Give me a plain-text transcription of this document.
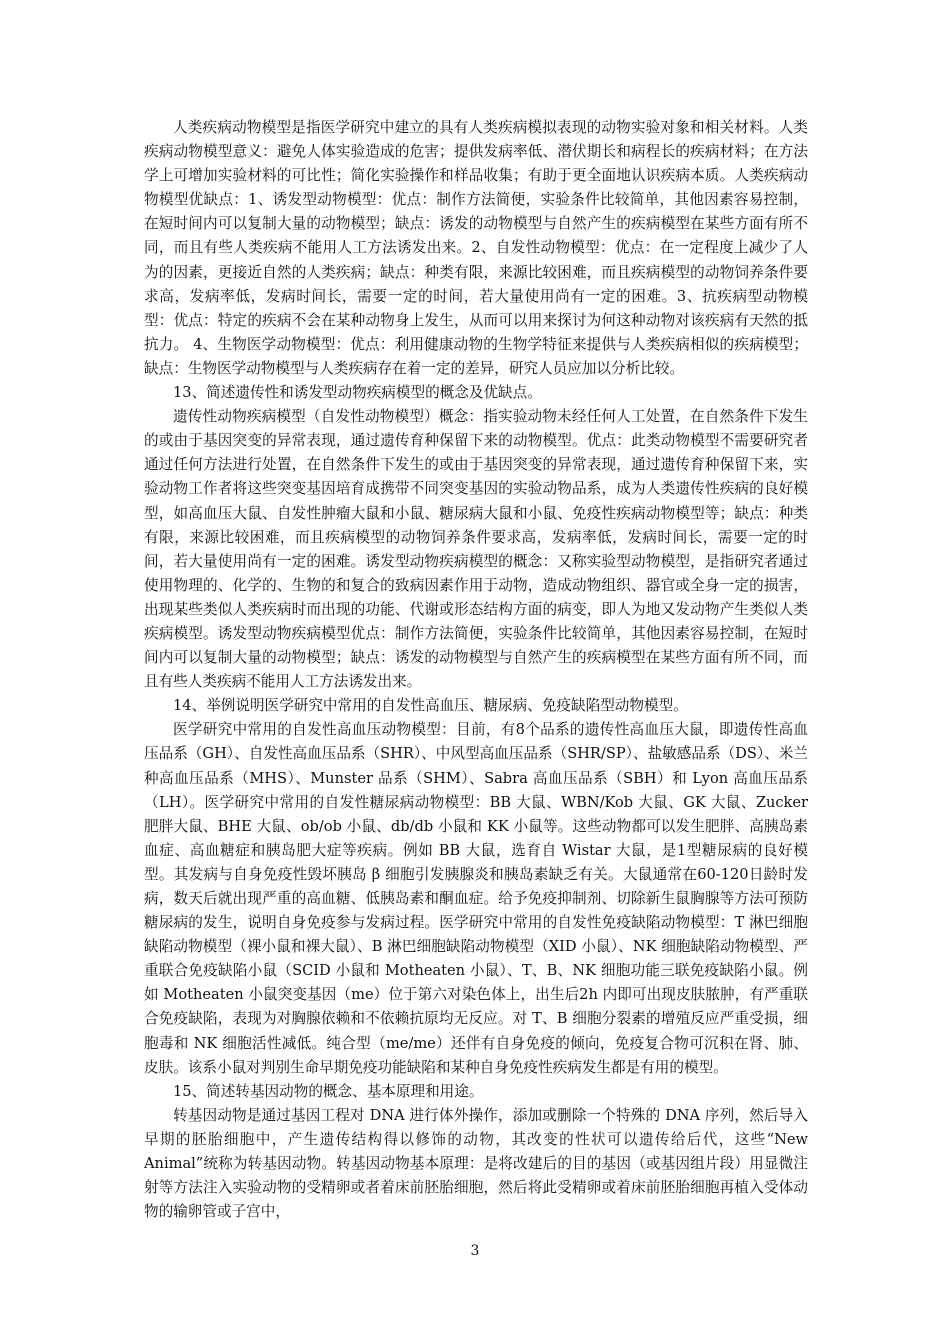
人类疾病动物模型是指医学研究中建立的具有人类疾病模拟表现的动物实验对象和相关材料。人类疾病动物模型意义：避免人体实验造成的危害；提供发病率低、潜伏期长和病程长的疾病材料；在方法学上可增加实验材料的可比性；简化实验操作和样品收集；有助于更全面地认识疾病本质。人类疾病动物模型优缺点：1、诱发型动物模型：优点：制作方法简便，实验条件比较简单，其他因素容易控制，在短时间内可以复制大量的动物模型；缺点：诱发的动物模型与自然产生的疾病模型在某些方面有所不同，而且有些人类疾病不能用人工方法诱发出来。2、自发性动物模型：优点：在一定程度上减少了人为的因素，更接近自然的人类疾病；缺点：种类有限，来源比较困难，而且疾病模型的动物饲养条件要求高，发病率低，发病时间长，需要一定的时间，若大量使用尚有一定的困难。3、抗疾病型动物模型：优点：特定的疾病不会在某种动物身上发生，从而可以用来探讨为何这种动物对该疾病有天然的抵抗力。 4、生物医学动物模型：优点：利用健康动物的生物学特征来提供与人类疾病相似的疾病模型；缺点：生物医学动物模型与人类疾病存在着一定的差异，研究人员应加以分析比较。

13、简述遗传性和诱发型动物疾病模型的概念及优缺点。

遗传性动物疾病模型（自发性动物模型）概念：指实验动物未经任何人工处置，在自然条件下发生的或由于基因突变的异常表现，通过遗传育种保留下来的动物模型。优点：此类动物模型不需要研究者通过任何方法进行处置，在自然条件下发生的或由于基因突变的异常表现，通过遗传育种保留下来，实验动物工作者将这些突变基因培育成携带不同突变基因的实验动物品系，成为人类遗传性疾病的良好模型，如高血压大鼠、自发性肿瘤大鼠和小鼠、糖尿病大鼠和小鼠、免疫性疾病动物模型等；缺点：种类有限，来源比较困难，而且疾病模型的动物饲养条件要求高，发病率低，发病时间长，需要一定的时间，若大量使用尚有一定的困难。诱发型动物疾病模型的概念：又称实验型动物模型，是指研究者通过使用物理的、化学的、生物的和复合的致病因素作用于动物，造成动物组织、器官或全身一定的损害，出现某些类似人类疾病时而出现的功能、代谢或形态结构方面的病变，即人为地又发动物产生类似人类疾病模型。诱发型动物疾病模型优点：制作方法简便，实验条件比较简单，其他因素容易控制，在短时间内可以复制大量的动物模型；缺点：诱发的动物模型与自然产生的疾病模型在某些方面有所不同，而且有些人类疾病不能用人工方法诱发出来。

14、举例说明医学研究中常用的自发性高血压、糖尿病、免疫缺陷型动物模型。

医学研究中常用的自发性高血压动物模型：目前，有8个品系的遗传性高血压大鼠，即遗传性高血压品系（GH）、自发性高血压品系（SHR）、中风型高血压品系（SHR/SP）、盐敏感品系（DS）、米兰种高血压品系（MHS）、Munster 品系（SHM）、Sabra 高血压品系（SBH）和 Lyon 高血压品系（LH）。医学研究中常用的自发性糖尿病动物模型：BB 大鼠、WBN/Kob 大鼠、GK 大鼠、Zucker 肥胖大鼠、BHE 大鼠、ob/ob 小鼠、db/db 小鼠和 KK 小鼠等。这些动物都可以发生肥胖、高胰岛素血症、高血糖症和胰岛肥大症等疾病。例如 BB 大鼠，选育自 Wistar 大鼠，是1型糖尿病的良好模型。其发病与自身免疫性毁坏胰岛 β 细胞引发胰腺炎和胰岛素缺乏有关。大鼠通常在60-120日龄时发病，数天后就出现严重的高血糖、低胰岛素和酮血症。给予免疫抑制剂、切除新生鼠胸腺等方法可预防糖尿病的发生，说明自身免疫参与发病过程。医学研究中常用的自发性免疫缺陷动物模型：T 淋巴细胞缺陷动物模型（裸小鼠和裸大鼠）、B 淋巴细胞缺陷动物模型（XID 小鼠）、NK 细胞缺陷动物模型、严重联合免疫缺陷小鼠（SCID 小鼠和 Motheaten 小鼠）、T、B、NK 细胞功能三联免疫缺陷小鼠。例如 Motheaten 小鼠突变基因（me）位于第六对染色体上，出生后2h 内即可出现皮肤脓肿，有严重联合免疫缺陷，表现为对胸腺依赖和不依赖抗原均无反应。对 T、B 细胞分裂素的增殖反应严重受损，细胞毒和 NK 细胞活性减低。纯合型（me/me）还伴有自身免疫的倾向，免疫复合物可沉积在肾、肺、皮肤。该系小鼠对判别生命早期免疫功能缺陷和某种自身免疫性疾病发生都是有用的模型。

15、简述转基因动物的概念、基本原理和用途。

转基因动物是通过基因工程对 DNA 进行体外操作，添加或删除一个特殊的 DNA 序列，然后导入早期的胚胎细胞中，产生遗传结构得以修饰的动物，其改变的性状可以遗传给后代，这些“New Animal”统称为转基因动物。转基因动物基本原理：是将改建后的目的基因（或基因组片段）用显微注射等方法注入实验动物的受精卵或者着床前胚胎细胞，然后将此受精卵或着床前胚胎细胞再植入受体动物的输卵管或子宫中，

3
